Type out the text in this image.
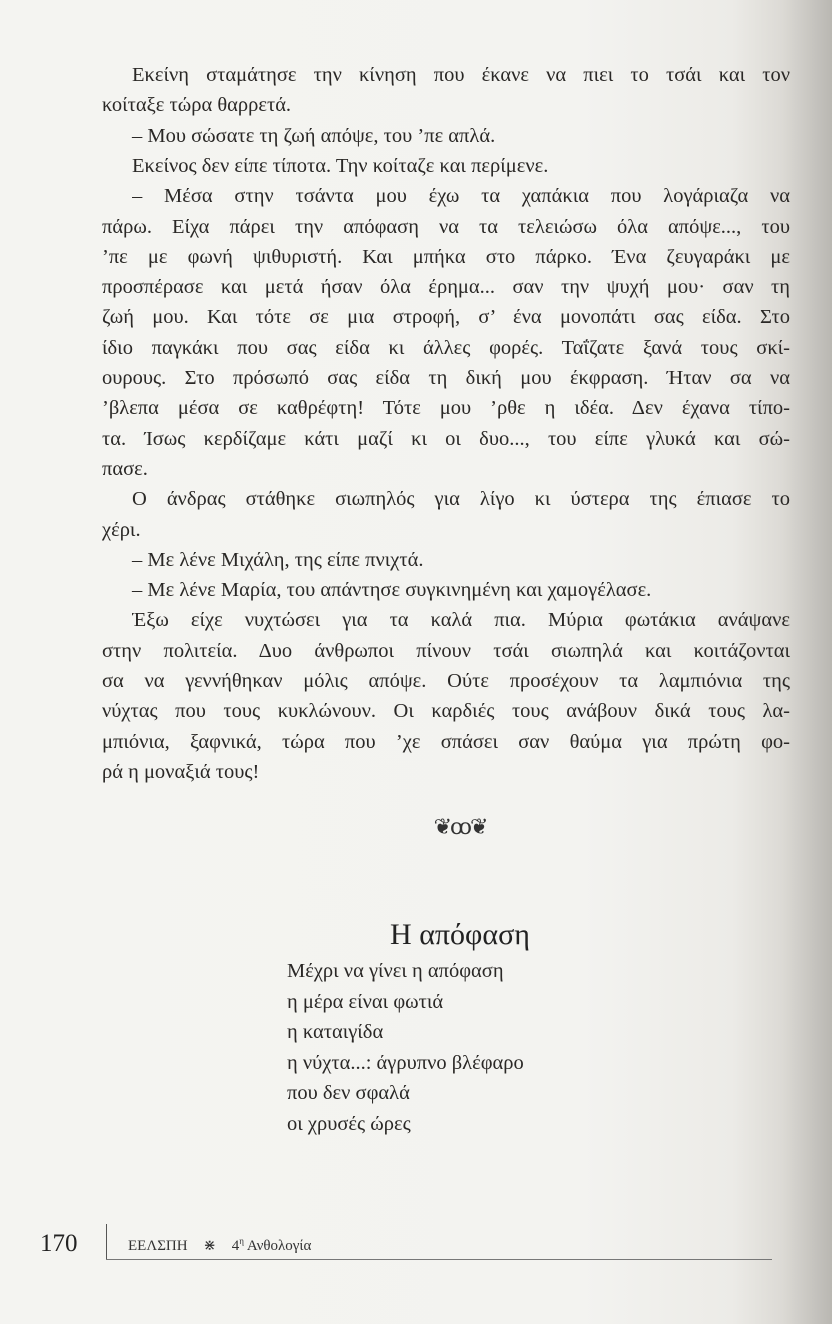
Εκείνη σταμάτησε την κίνηση που έκανε να πιει το τσάι και τον
κοίταξε τώρα θαρρετά.
– Μου σώσατε τη ζωή απόψε, του ’πε απλά.
Εκείνος δεν είπε τίποτα. Την κοίταζε και περίμενε.
– Μέσα στην τσάντα μου έχω τα χαπάκια που λογάριαζα να
πάρω. Είχα πάρει την απόφαση να τα τελειώσω όλα απόψε..., του
’πε με φωνή ψιθυριστή. Και μπήκα στο πάρκο. Ένα ζευγαράκι με
προσπέρασε και μετά ήσαν όλα έρημα... σαν την ψυχή μου· σαν τη
ζωή μου. Και τότε σε μια στροφή, σ’ ένα μονοπάτι σας είδα. Στο
ίδιο παγκάκι που σας είδα κι άλλες φορές. Ταΐζατε ξανά τους σκί-
ουρους. Στο πρόσωπό σας είδα τη δική μου έκφραση. Ήταν σα να
’βλεπα μέσα σε καθρέφτη! Τότε μου ’ρθε η ιδέα. Δεν έχανα τίπο-
τα. Ίσως κερδίζαμε κάτι μαζί κι οι δυο..., του είπε γλυκά και σώ-
πασε.
Ο άνδρας στάθηκε σιωπηλός για λίγο κι ύστερα της έπιασε το
χέρι.
– Με λένε Μιχάλη, της είπε πνιχτά.
– Με λένε Μαρία, του απάντησε συγκινημένη και χαμογέλασε.
Έξω είχε νυχτώσει για τα καλά πια. Μύρια φωτάκια ανάψανε
στην πολιτεία. Δυο άνθρωποι πίνουν τσάι σιωπηλά και κοιτάζονται
σα να γεννήθηκαν μόλις απόψε. Ούτε προσέχουν τα λαμπιόνια της
νύχτας που τους κυκλώνουν. Οι καρδιές τους ανάβουν δικά τους λα-
μπιόνια, ξαφνικά, τώρα που ’χε σπάσει σαν θαύμα για πρώτη φο-
ρά η μοναξιά τους!
❦ꝏ❦
Η απόφαση
Μέχρι να γίνει η απόφαση
η μέρα είναι φωτιά
η καταιγίδα
η νύχτα...: άγρυπνο βλέφαρο
που δεν σφαλά
οι χρυσές ώρες
170	ΕΕΛΣΠΗ ⋇ $4^\eta$ Ανθολογία
